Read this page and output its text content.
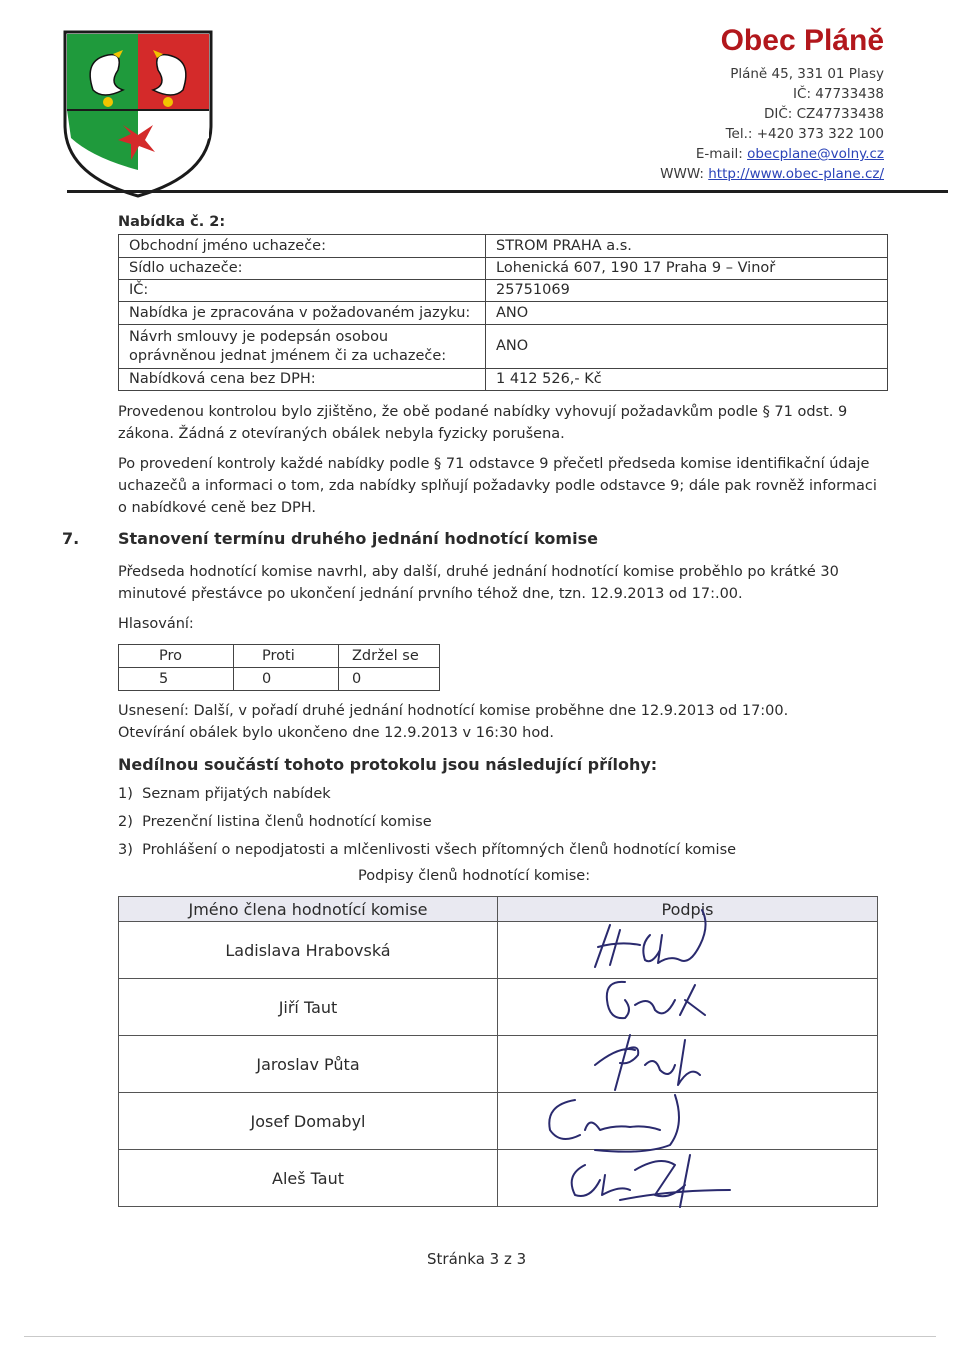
Obec Pláně
Pláně 45, 331 01 Plasy
IČ: 47733438
DIČ: CZ47733438
Tel.: +420 373 322 100
E-mail: obecplane@volny.cz
WWW: http://www.obec-plane.cz/
Nabídka č. 2:
Obchodní jméno uchazeče:	STROM PRAHA a.s.
Sídlo uchazeče:	Lohenická 607, 190 17 Praha 9 – Vinoř
IČ:	25751069
Nabídka je zpracována v požadovaném jazyku:	ANO
Návrh smlouvy je podepsán osobou oprávněnou jednat jménem či za uchazeče:	ANO
Nabídková cena bez DPH:	1 412 526,- Kč
Provedenou kontrolou bylo zjištěno, že obě podané nabídky vyhovují požadavkům podle § 71 odst. 9 zákona. Žádná z otevíraných obálek nebyla fyzicky porušena.
Po provedení kontroly každé nabídky podle § 71 odstavce 9 přečetl předseda komise identifikační údaje uchazečů a informaci o tom, zda nabídky splňují požadavky podle odstavce 9; dále pak rovněž informaci o nabídkové ceně bez DPH.
7. Stanovení termínu druhého jednání hodnotící komise
Předseda hodnotící komise navrhl, aby další, druhé jednání hodnotící komise proběhlo po krátké 30 minutové přestávce po ukončení jednání prvního téhož dne, tzn. 12.9.2013 od 17:.00.
Hlasování:
Pro	Proti	Zdržel se
5	0	0
Usnesení: Další, v pořadí druhé jednání hodnotící komise proběhne dne 12.9.2013 od 17:00.
Otevírání obálek bylo ukončeno dne 12.9.2013 v 16:30 hod.
Nedílnou součástí tohoto protokolu jsou následující přílohy:
1) Seznam přijatých nabídek
2) Prezenční listina členů hodnotící komise
3) Prohlášení o nepodjatosti a mlčenlivosti všech přítomných členů hodnotící komise
Podpisy členů hodnotící komise:
Jméno člena hodnotící komise	Podpis
Ladislava Hrabovská	
Jiří Taut	
Jaroslav Půta	
Josef Domabyl	
Aleš Taut	
Stránka 3 z 3
